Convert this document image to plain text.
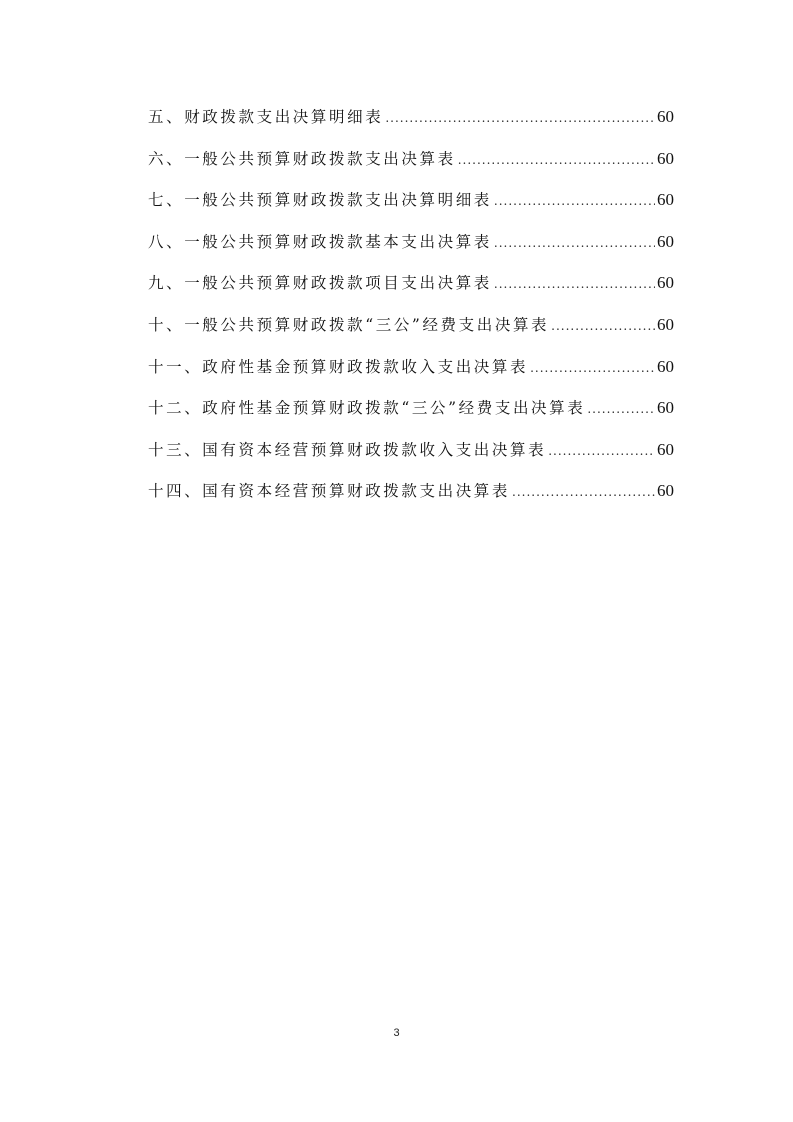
五、财政拨款支出决算明细表 .....	60
六、一般公共预算财政拨款支出决算表 .....	60
七、一般公共预算财政拨款支出决算明细表 .....	60
八、一般公共预算财政拨款基本支出决算表 .....	60
九、一般公共预算财政拨款项目支出决算表 .....	60
十、一般公共预算财政拨款“三公”经费支出决算表 .....	60
十一、政府性基金预算财政拨款收入支出决算表 .....	60
十二、政府性基金预算财政拨款“三公”经费支出决算表 .....	60
十三、国有资本经营预算财政拨款收入支出决算表 .....	60
十四、国有资本经营预算财政拨款支出决算表 .....	60
3
